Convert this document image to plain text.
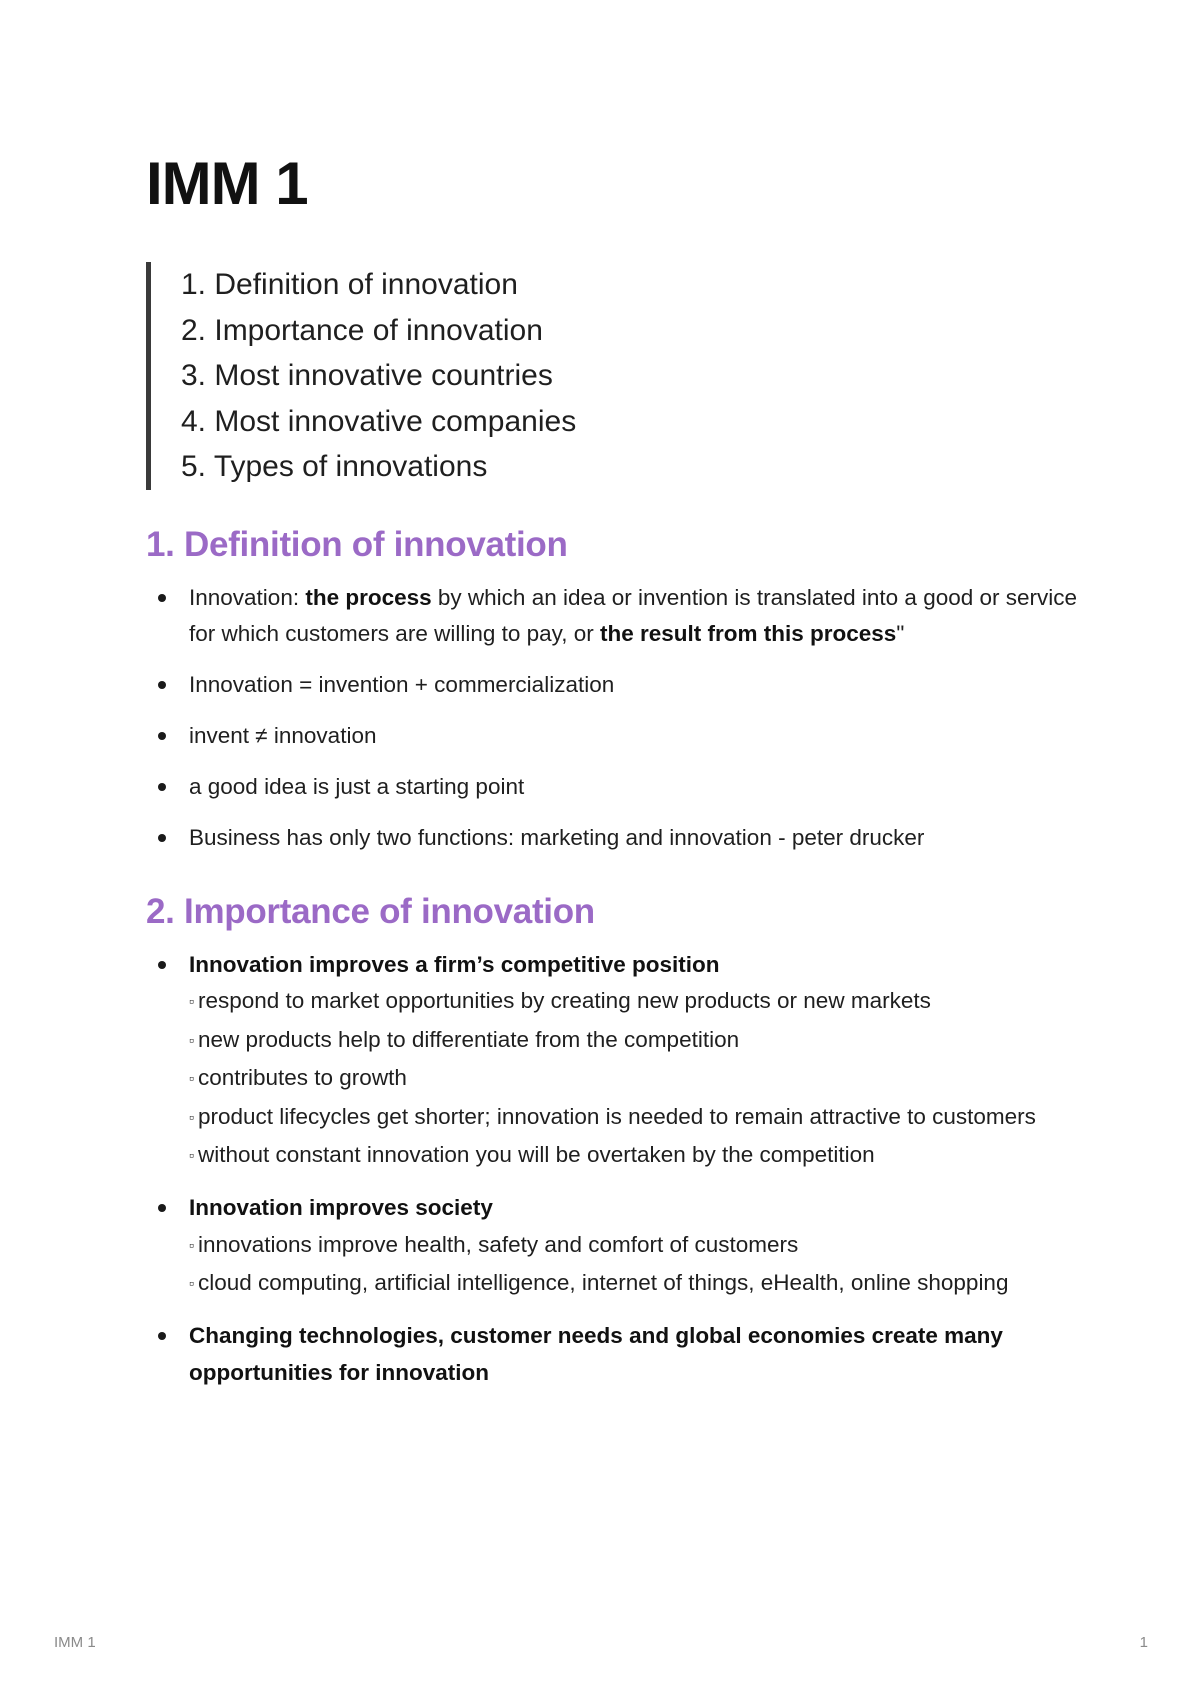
IMM 1
1. Definition of innovation
2. Importance of innovation
3. Most innovative countries
4. Most innovative companies
5. Types of innovations
1. Definition of innovation
Innovation: the process by which an idea or invention is translated into a good or service for which customers are willing to pay, or the result from this process"
Innovation = invention + commercialization
invent ≠ innovation
a good idea is just a starting point
Business has only two functions: marketing and innovation - peter drucker
2. Importance of innovation
Innovation improves a firm’s competitive position
▫ respond to market opportunities by creating new products or new markets
▫ new products help to differentiate from the competition
▫ contributes to growth
▫ product lifecycles get shorter; innovation is needed to remain attractive to customers
▫ without constant innovation you will be overtaken by the competition
Innovation improves society
▫ innovations improve health, safety and comfort of customers
▫ cloud computing, artificial intelligence, internet of things, eHealth, online shopping
Changing technologies, customer needs and global economies create many opportunities for innovation
IMM 1	1
